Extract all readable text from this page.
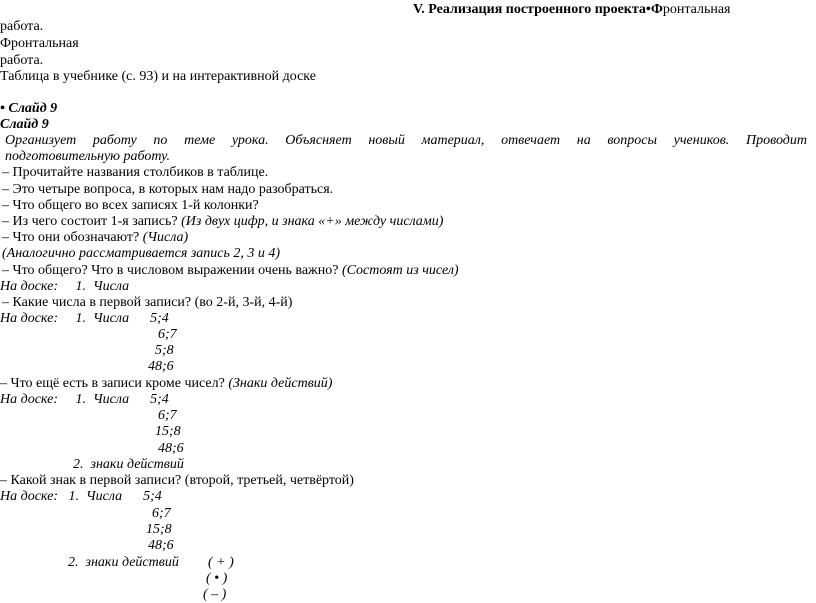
V. Реализация построенного проекта•Фронтальная
работа.
Фронтальная
работа.
Таблица в учебнике (с. 93) и на интерактивной доске
• Слайд 9
Слайд 9
Организует работу по теме урока. Объясняет новый материал, отвечает на вопросы учеников. Проводит
подготовительную работу.
– Прочитайте названия столбиков в таблице.
– Это четыре вопроса, в которых нам надо разобраться.
– Что общего во всех записях 1-й колонки?
– Из чего состоит 1-я запись? (Из двух цифр, и знака «+» между числами)
– Что они обозначают? (Числа)
(Аналогично рассматривается запись 2, 3 и 4)
– Что общего? Что в числовом выражении очень важно? (Состоят из чисел)
На доске:     1.  Числа
– Какие числа в первой записи? (во 2-й, 3-й, 4-й)
На доске:     1.  Числа      5;4
6;7
5;8
48;6
– Что ещё есть в записи кроме чисел? (Знаки действий)
На доске:     1.  Числа      5;4
6;7
15;8
48;6
2.  знаки действий
– Какой знак в первой записи? (второй, третьей, четвёртой)
На доске:   1.  Числа      5;4
6;7
15;8
48;6
2.  знаки действий ( + )
( • )
( – )
